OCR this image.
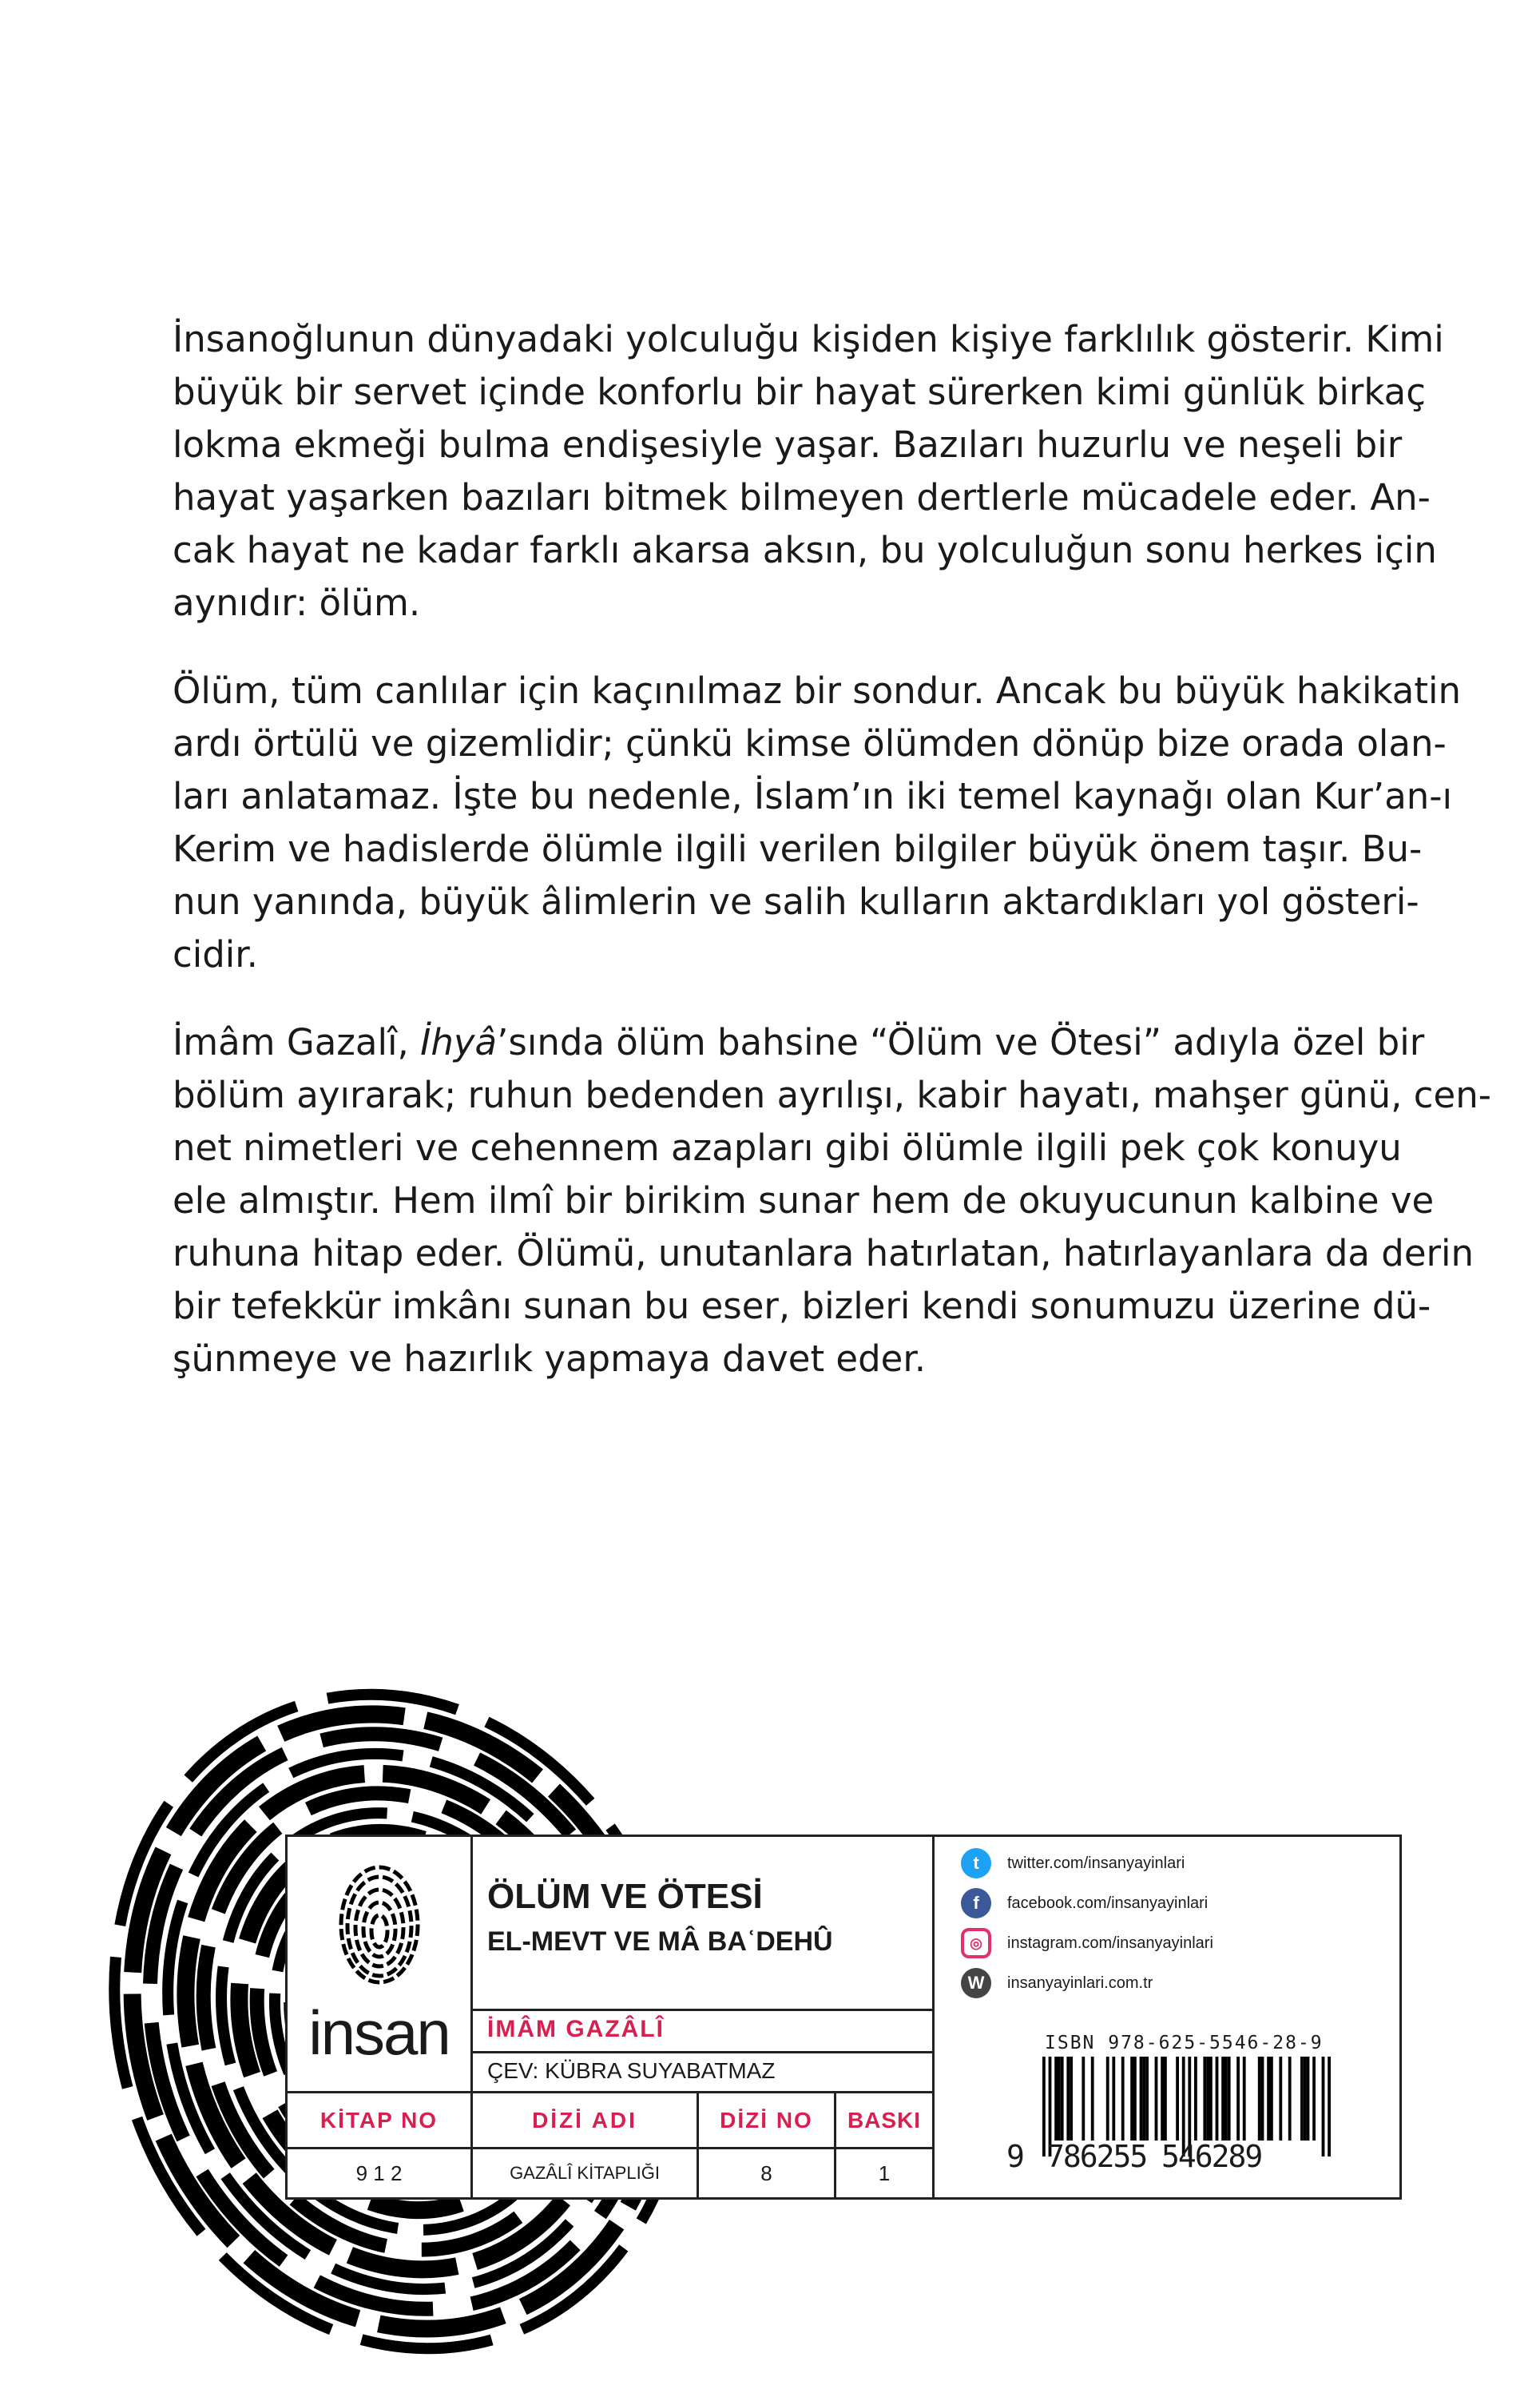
İnsanoğlunun dünyadaki yolculuğu kişiden kişiye farklılık gösterir. Kimi
büyük bir servet içinde konforlu bir hayat sürerken kimi günlük birkaç
lokma ekmeği bulma endişesiyle yaşar. Bazıları huzurlu ve neşeli bir
hayat yaşarken bazıları bitmek bilmeyen dertlerle mücadele eder. An-
cak hayat ne kadar farklı akarsa aksın, bu yolculuğun sonu herkes için
aynıdır: ölüm.
Ölüm, tüm canlılar için kaçınılmaz bir sondur. Ancak bu büyük hakikatin
ardı örtülü ve gizemlidir; çünkü kimse ölümden dönüp bize orada olan-
ları anlatamaz. İşte bu nedenle, İslam’ın iki temel kaynağı olan Kur’an-ı
Kerim ve hadislerde ölümle ilgili verilen bilgiler büyük önem taşır. Bu-
nun yanında, büyük âlimlerin ve salih kulların aktardıkları yol gösteri-
cidir.
İmâm Gazalî, İhyâ’sında ölüm bahsine “Ölüm ve Ötesi” adıyla özel bir
bölüm ayırarak; ruhun bedenden ayrılışı, kabir hayatı, mahşer günü, cen-
net nimetleri ve cehennem azapları gibi ölümle ilgili pek çok konuyu
ele almıştır. Hem ilmî bir birikim sunar hem de okuyucunun kalbine ve
ruhuna hitap eder. Ölümü, unutanlara hatırlatan, hatırlayanlara da derin
bir tefekkür imkânı sunan bu eser, bizleri kendi sonumuzu üzerine dü-
şünmeye ve hazırlık yapmaya davet eder.
insan
ÖLÜM VE ÖTESİ
EL-MEVT VE MÂ BAʿDEHÛ
İMÂM GAZÂLÎ
ÇEV: KÜBRA SUYABATMAZ
KİTAP NO	DİZİ ADI	DİZİ NO	BASKI
9 1 2	GAZÂLÎ KİTAPLIĞI	8	1
t	twitter.com/insanyayinlari
f	facebook.com/insanyayinlari
◎	instagram.com/insanyayinlari
W	insanyayinlari.com.tr
ISBN 978-625-5546-28-9
9 786255 546289
